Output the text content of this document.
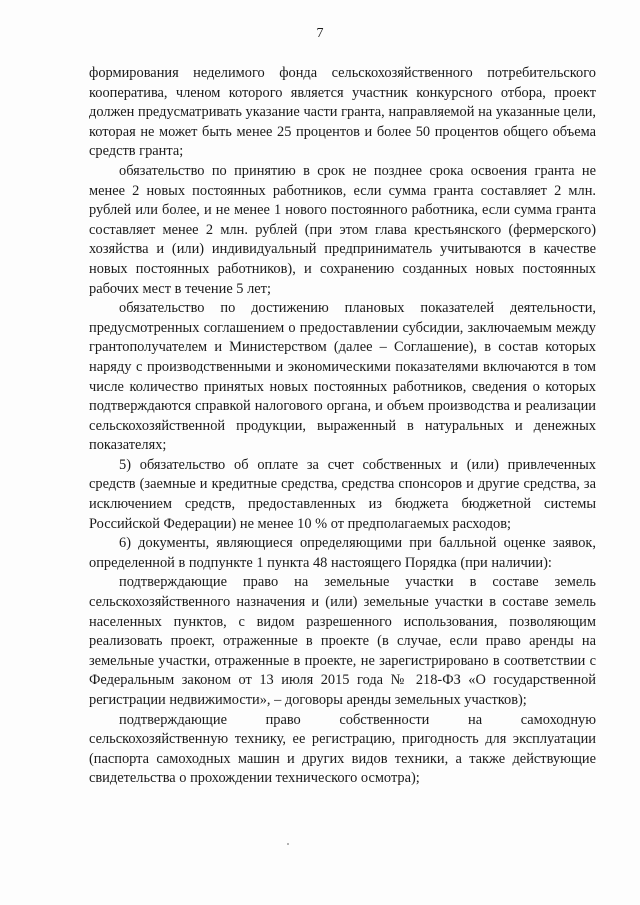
7

формирования неделимого фонда сельскохозяйственного потребительского кооператива, членом которого является участник конкурсного отбора, проект должен предусматривать указание части гранта, направляемой на указанные цели, которая не может быть менее 25 процентов и более 50 процентов общего объема средств гранта;

обязательство по принятию в срок не позднее срока освоения гранта не менее 2 новых постоянных работников, если сумма гранта составляет 2 млн. рублей или более, и не менее 1 нового постоянного работника, если сумма гранта составляет менее 2 млн. рублей (при этом глава крестьянского (фермерского) хозяйства и (или) индивидуальный предприниматель учитываются в качестве новых постоянных работников), и сохранению созданных новых постоянных рабочих мест в течение 5 лет;

обязательство по достижению плановых показателей деятельности, предусмотренных соглашением о предоставлении субсидии, заключаемым между грантополучателем и Министерством (далее – Соглашение), в состав которых наряду с производственными и экономическими показателями включаются в том числе количество принятых новых постоянных работников, сведения о которых подтверждаются справкой налогового органа, и объем производства и реализации сельскохозяйственной продукции, выраженный в натуральных и денежных показателях;

5) обязательство об оплате за счет собственных и (или) привлеченных средств (заемные и кредитные средства, средства спонсоров и другие средства, за исключением средств, предоставленных из бюджета бюджетной системы Российской Федерации) не менее 10 % от предполагаемых расходов;

6) документы, являющиеся определяющими при балльной оценке заявок, определенной в подпункте 1 пункта 48 настоящего Порядка (при наличии):

подтверждающие право на земельные участки в составе земель сельскохозяйственного назначения и (или) земельные участки в составе земель населенных пунктов, с видом разрешенного использования, позволяющим реализовать проект, отраженные в проекте (в случае, если право аренды на земельные участки, отраженные в проекте, не зарегистрировано в соответствии с Федеральным законом от 13 июля 2015 года № 218-ФЗ «О государственной регистрации недвижимости», – договоры аренды земельных участков);

подтверждающие право собственности на самоходную сельскохозяйственную технику, ее регистрацию, пригодность для эксплуатации (паспорта самоходных машин и других видов техники, а также действующие свидетельства о прохождении технического осмотра);
